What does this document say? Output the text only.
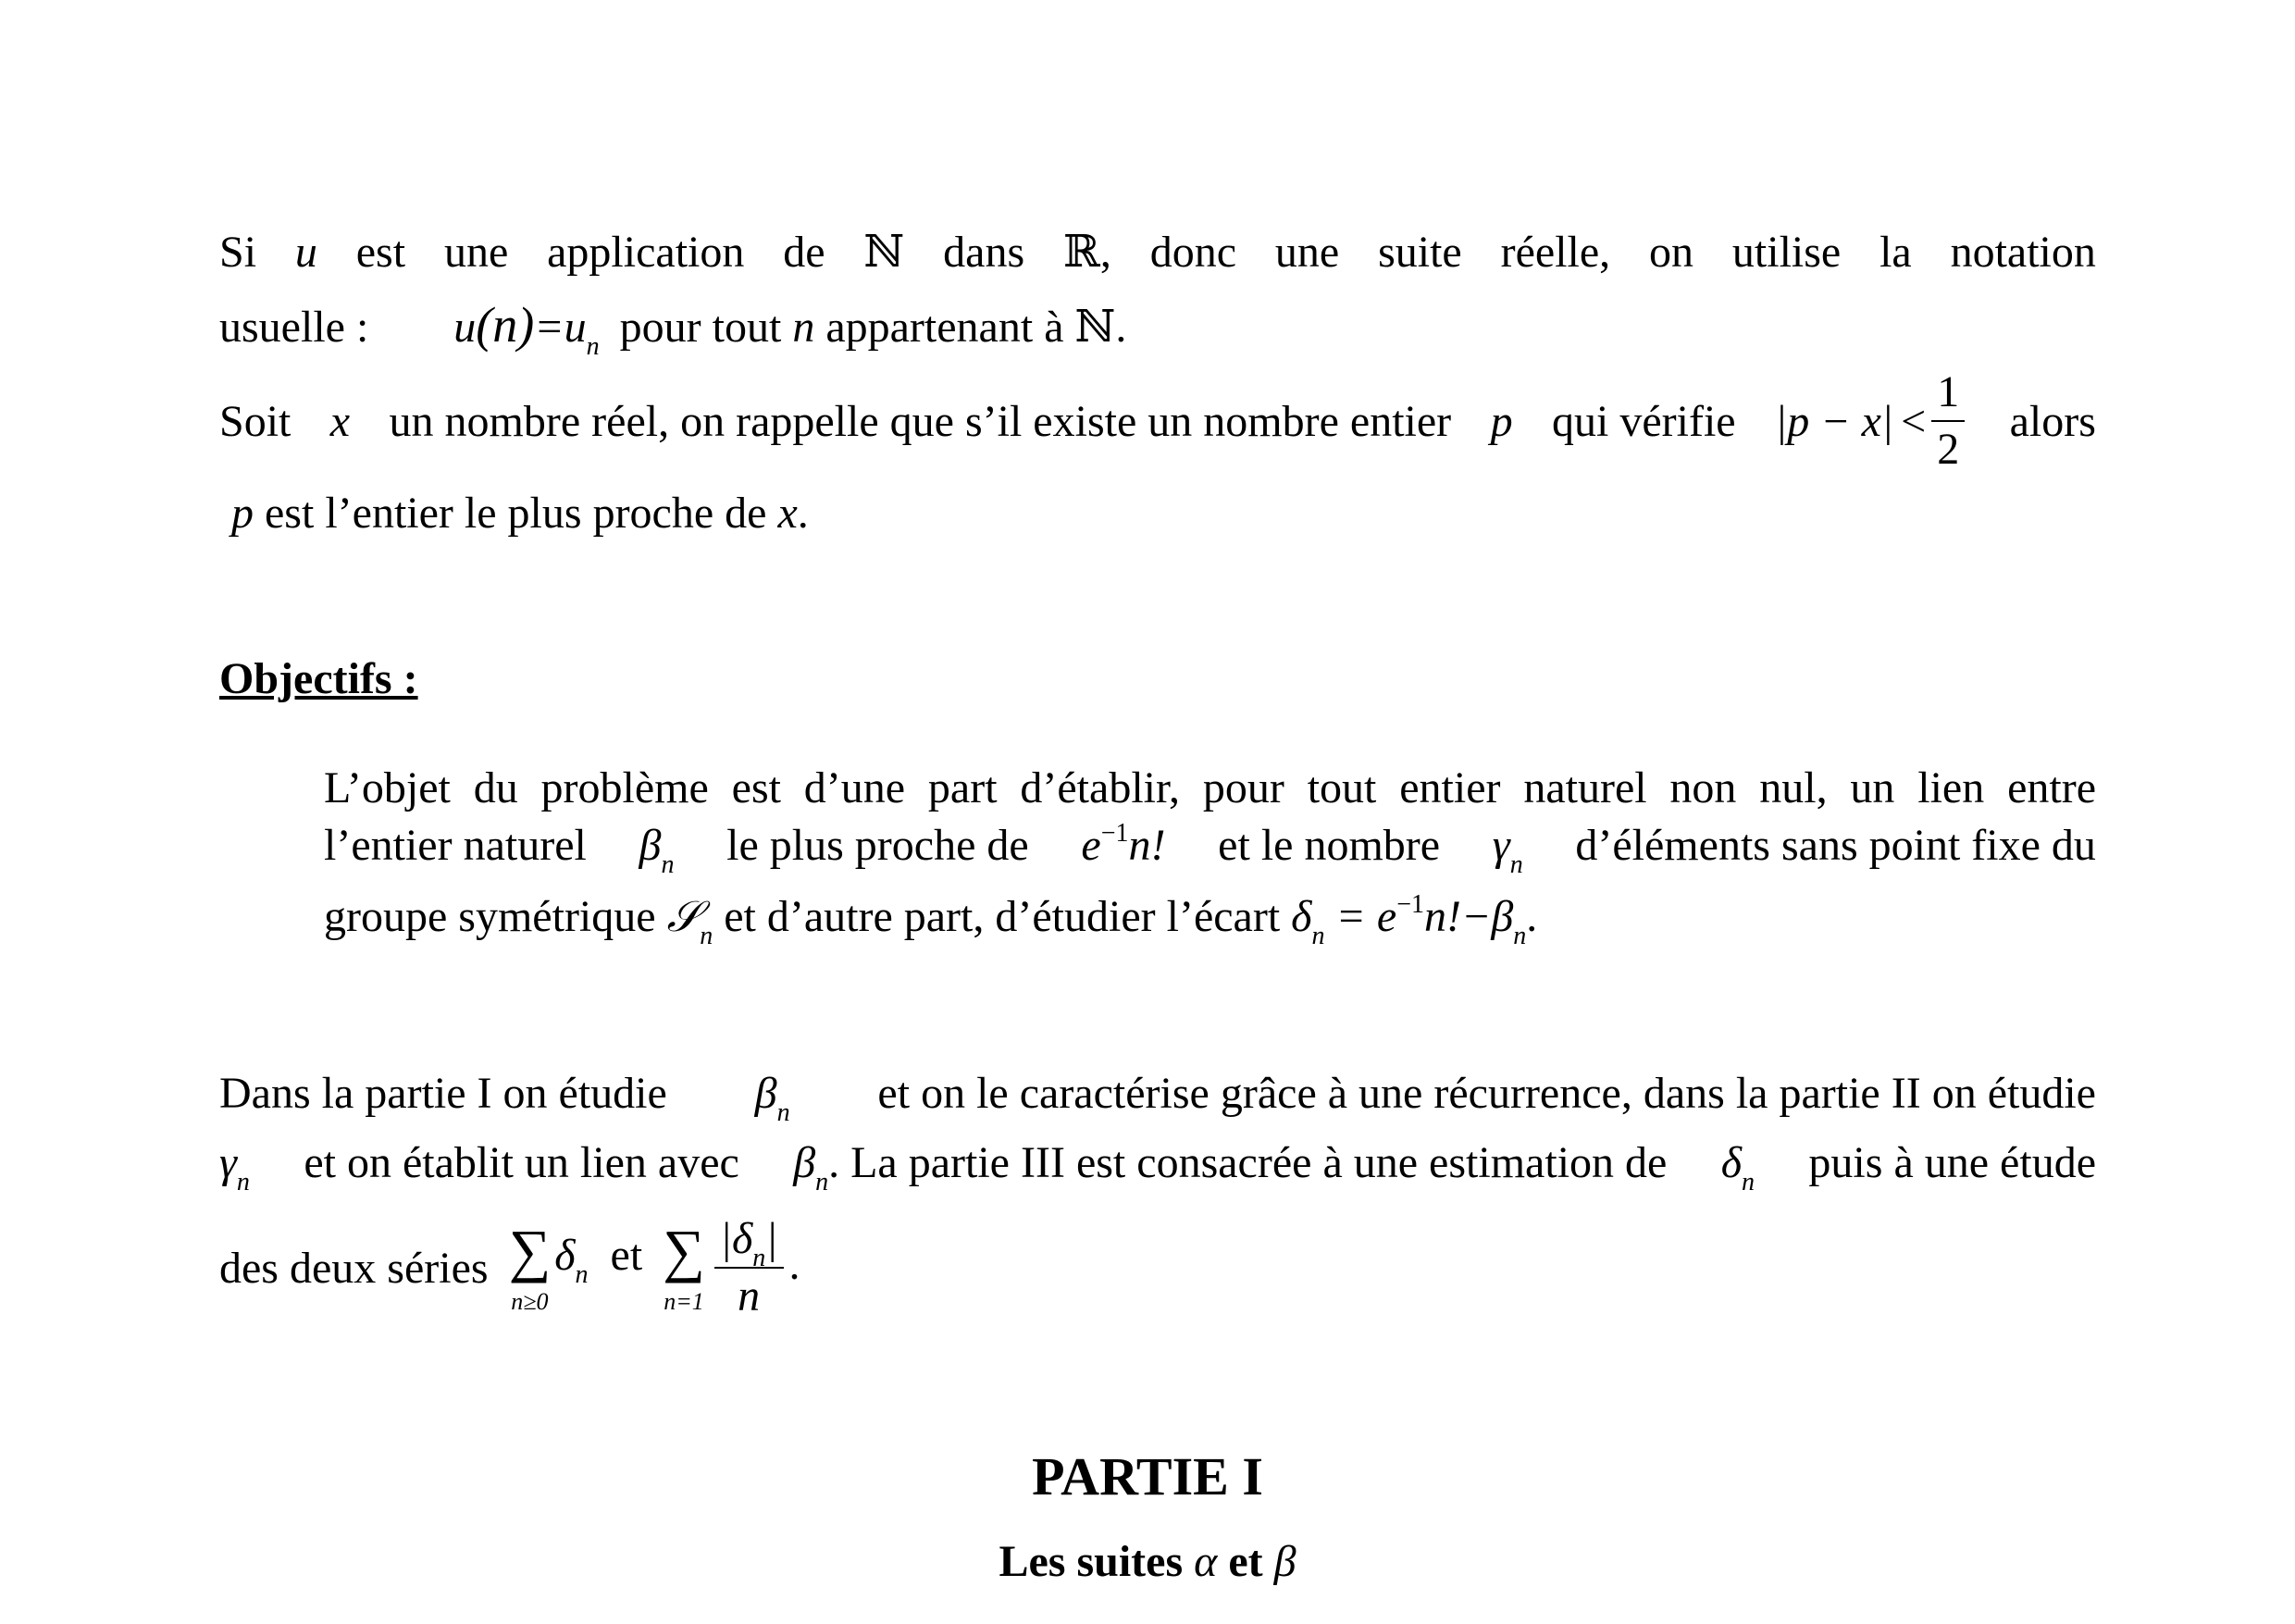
Si u est une application de ℕ dans ℝ, donc une suite réelle, on utilise la notation
usuelle : $u(n)=u_n$ pour tout n appartenant à ℕ.
Soit x un nombre réel, on rappelle que s’il existe un nombre entier p qui vérifie $|p - x| < \frac{1}{2}$ alors
p est l’entier le plus proche de x.
Objectifs :
L’objet du problème est d’une part d’établir, pour tout entier naturel non nul, un lien entre
l’entier naturel $\beta_n$ le plus proche de $e^{-1}n$! et le nombre $\gamma_n$ d’éléments sans point fixe du
groupe symétrique 𝒮$_n$ et d’autre part, d’étudier l’écart $\delta_n = e^{-1}n!-\beta_n$.
Dans la partie I on étudie $\beta_n$ et on le caractérise grâce à une récurrence, dans la partie II on étudie
$\gamma_n$ et on établit un lien avec $\beta_n$. La partie III est consacrée à une estimation de $\delta_n$ puis à une étude
des deux séries ∑
n≥0
$\delta_n$ et ∑
$n=1 \frac{|\delta_n|}{n}$ .
PARTIE I
Les suites α et β
